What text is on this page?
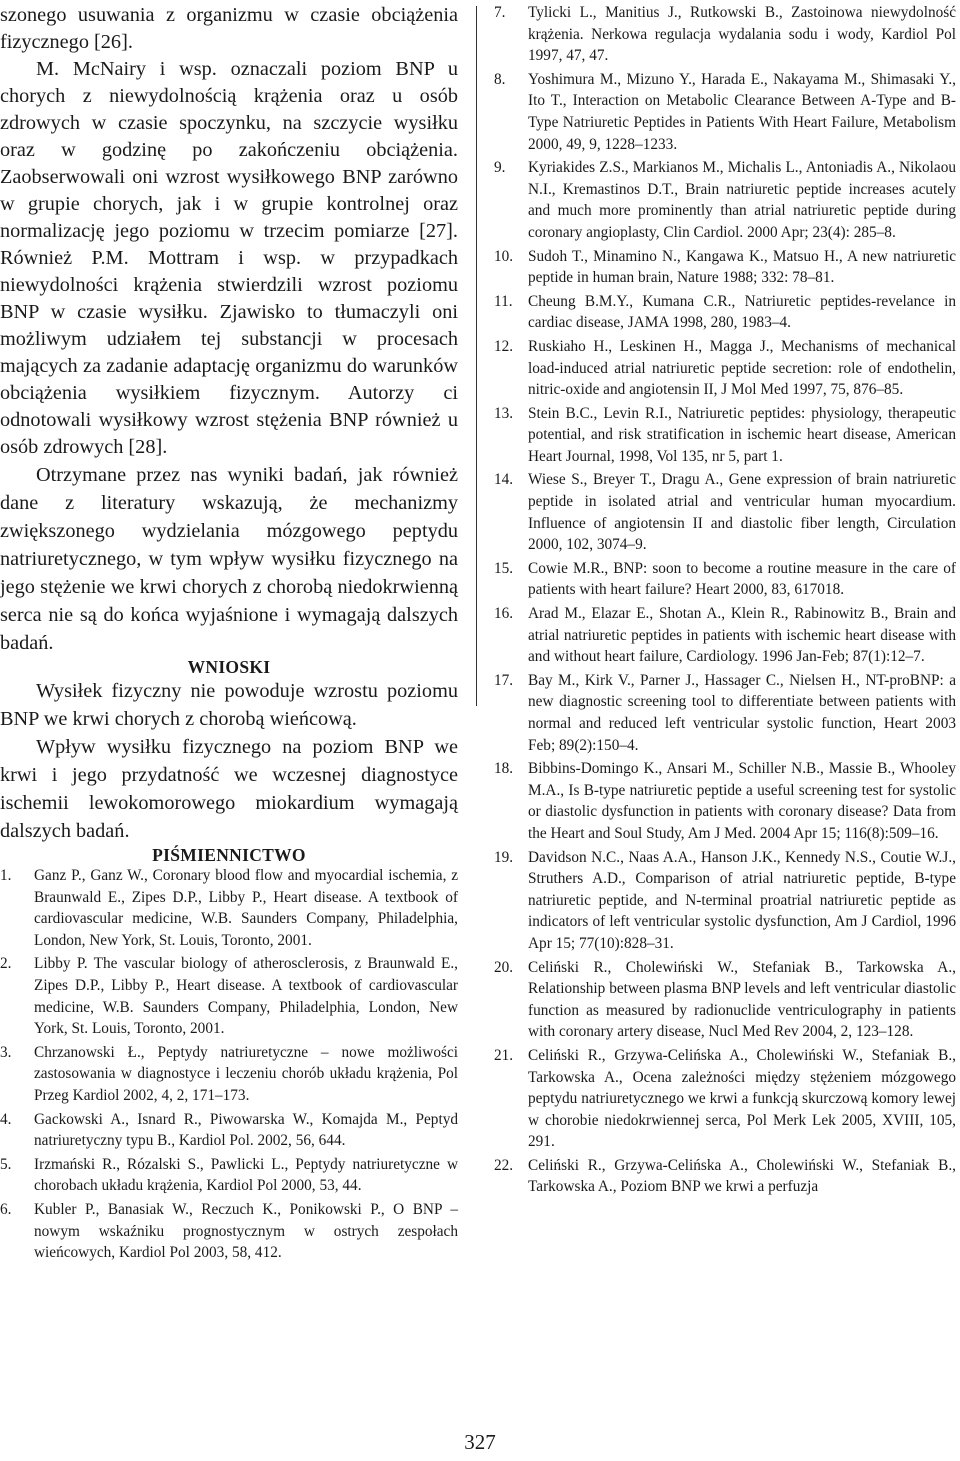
szonego usuwania z organizmu w czasie obciążenia fizycznego [26].

M. McNairy i wsp. oznaczali poziom BNP u chorych z niewydolnością krążenia oraz u osób zdrowych w czasie spoczynku, na szczycie wysiłku oraz w godzinę po zakończeniu obciążenia. Zaobserwowali oni wzrost wysiłkowego BNP zarówno w grupie chorych, jak i w grupie kontrolnej oraz normalizację jego poziomu w trzecim pomiarze [27]. Również P.M. Mottram i wsp. w przypadkach niewydolności krążenia stwierdzili wzrost poziomu BNP w czasie wysiłku. Zjawisko to tłumaczyli oni możliwym udziałem tej substancji w procesach mających za zadanie adaptację organizmu do warunków obciążenia wysiłkiem fizycznym. Autorzy ci odnotowali wysiłkowy wzrost stężenia BNP również u osób zdrowych [28].

Otrzymane przez nas wyniki badań, jak również dane z literatury wskazują, że mechanizmy zwiększonego wydzielania mózgowego peptydu natriuretycznego, w tym wpływ wysiłku fizycznego na jego stężenie we krwi chorych z chorobą niedokrwienną serca nie są do końca wyjaśnione i wymagają dalszych badań.

WNIOSKI

Wysiłek fizyczny nie powoduje wzrostu poziomu BNP we krwi chorych z chorobą wieńcową.

Wpływ wysiłku fizycznego na poziom BNP we krwi i jego przydatność we wczesnej diagnostyce ischemii lewokomorowego miokardium wymagają dalszych badań.

PIŚMIENNICTWO
1. Ganz P., Ganz W., Coronary blood flow and myocardial ischemia, z Braunwald E., Zipes D.P., Libby P., Heart disease. A textbook of cardiovascular medicine, W.B. Saunders Company, Philadelphia, London, New York, St. Louis, Toronto, 2001.
2. Libby P. The vascular biology of atherosclerosis, z Braunwald E., Zipes D.P., Libby P., Heart disease. A textbook of cardiovascular medicine, W.B. Saunders Company, Philadelphia, London, New York, St. Louis, Toronto, 2001.
3. Chrzanowski Ł., Peptydy natriuretyczne – nowe możliwości zastosowania w diagnostyce i leczeniu chorób układu krążenia, Pol Przeg Kardiol 2002, 4, 2, 171–173.
4. Gackowski A., Isnard R., Piwowarska W., Komajda M., Peptyd natriuretyczny typu B., Kardiol Pol. 2002, 56, 644.
5. Irzmański R., Rózalski S., Pawlicki L., Peptydy natriuretyczne w chorobach układu krążenia, Kardiol Pol 2000, 53, 44.
6. Kubler P., Banasiak W., Reczuch K., Ponikowski P., O BNP – nowym wskaźniku prognostycznym w ostrych zespołach wieńcowych, Kardiol Pol 2003, 58, 412.
7. Tylicki L., Manitius J., Rutkowski B., Zastoinowa niewydolność krążenia. Nerkowa regulacja wydalania sodu i wody, Kardiol Pol 1997, 47, 47.
8. Yoshimura M., Mizuno Y., Harada E., Nakayama M., Shimasaki Y., Ito T., Interaction on Metabolic Clearance Between A-Type and B-Type Natriuretic Peptides in Patients With Heart Failure, Metabolism 2000, 49, 9, 1228–1233.
9. Kyriakides Z.S., Markianos M., Michalis L., Antoniadis A., Nikolaou N.I., Kremastinos D.T., Brain natriuretic peptide increases acutely and much more prominently than atrial natriuretic peptide during coronary angioplasty, Clin Cardiol. 2000 Apr; 23(4): 285–8.
10. Sudoh T., Minamino N., Kangawa K., Matsuo H., A new natriuretic peptide in human brain, Nature 1988; 332: 78–81.
11. Cheung B.M.Y., Kumana C.R., Natriuretic peptides-revelance in cardiac disease, JAMA 1998, 280, 1983–4.
12. Ruskiaho H., Leskinen H., Magga J., Mechanisms of mechanical load-induced atrial natriuretic peptide secretion: role of endothelin, nitric-oxide and angiotensin II, J Mol Med 1997, 75, 876–85.
13. Stein B.C., Levin R.I., Natriuretic peptides: physiology, therapeutic potential, and risk stratification in ischemic heart disease, American Heart Journal, 1998, Vol 135, nr 5, part 1.
14. Wiese S., Breyer T., Dragu A., Gene expression of brain natriuretic peptide in isolated atrial and ventricular human myocardium. Influence of angiotensin II and diastolic fiber length, Circulation 2000, 102, 3074–9.
15. Cowie M.R., BNP: soon to become a routine measure in the care of patients with heart failure? Heart 2000, 83, 617018.
16. Arad M., Elazar E., Shotan A., Klein R., Rabinowitz B., Brain and atrial natriuretic peptides in patients with ischemic heart disease with and without heart failure, Cardiology. 1996 Jan-Feb; 87(1):12–7.
17. Bay M., Kirk V., Parner J., Hassager C., Nielsen H., NT-proBNP: a new diagnostic screening tool to differentiate between patients with normal and reduced left ventricular systolic function, Heart 2003 Feb; 89(2):150–4.
18. Bibbins-Domingo K., Ansari M., Schiller N.B., Massie B., Whooley M.A., Is B-type natriuretic peptide a useful screening test for systolic or diastolic dysfunction in patients with coronary disease? Data from the Heart and Soul Study, Am J Med. 2004 Apr 15; 116(8):509–16.
19. Davidson N.C., Naas A.A., Hanson J.K., Kennedy N.S., Coutie W.J., Struthers A.D., Comparison of atrial natriuretic peptide, B-type natriuretic peptide, and N-terminal proatrial natriuretic peptide as indicators of left ventricular systolic dysfunction, Am J Cardiol, 1996 Apr 15; 77(10):828–31.
20. Celiński R., Cholewiński W., Stefaniak B., Tarkowska A., Relationship between plasma BNP levels and left ventricular diastolic function as measured by radionuclide ventriculography in patients with coronary artery disease, Nucl Med Rev 2004, 2, 123–128.
21. Celiński R., Grzywa-Celińska A., Cholewiński W., Stefaniak B., Tarkowska A., Ocena zależności między stężeniem mózgowego peptydu natriuretycznego we krwi a funkcją skurczową komory lewej w chorobie niedokrwiennej serca, Pol Merk Lek 2005, XVIII, 105, 291.
22. Celiński R., Grzywa-Celińska A., Cholewiński W., Stefaniak B., Tarkowska A., Poziom BNP we krwi a perfuzja
327
